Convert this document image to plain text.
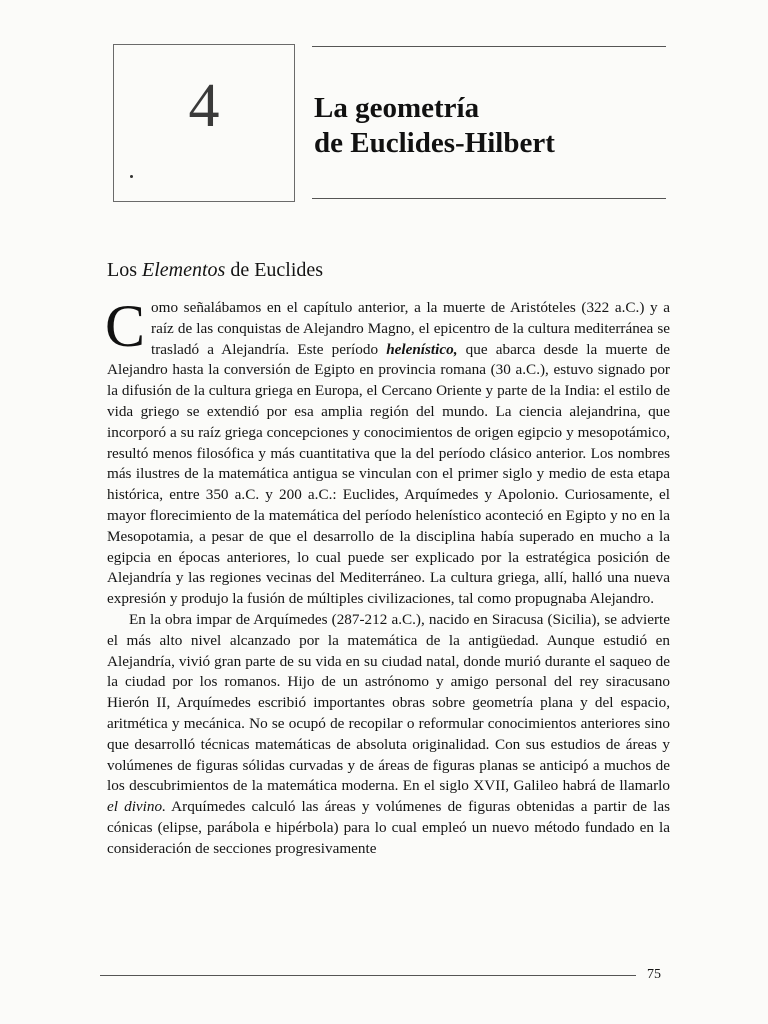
4	La geometría
de Euclides-Hilbert
Los Elementos de Euclides

Como señalábamos en el capítulo anterior, a la muerte de Aristóteles (322 a.C.) y a raíz de las conquistas de Alejandro Magno, el epicentro de la cultura mediterránea se trasladó a Alejandría. Este período helenístico, que abarca desde la muerte de Alejandro hasta la conversión de Egipto en provincia romana (30 a.C.), estuvo signado por la difusión de la cultura griega en Europa, el Cercano Oriente y parte de la India: el estilo de vida griego se extendió por esa amplia región del mundo. La ciencia alejandrina, que incorporó a su raíz griega concepciones y conocimientos de origen egipcio y mesopotámico, resultó menos filosófica y más cuantitativa que la del período clásico anterior. Los nombres más ilustres de la matemática antigua se vinculan con el primer siglo y medio de esta etapa histórica, entre 350 a.C. y 200 a.C.: Euclides, Arquímedes y Apolonio. Curiosamente, el mayor florecimiento de la matemática del período helenístico aconteció en Egipto y no en la Mesopotamia, a pesar de que el desarrollo de la disciplina había superado en mucho a la egipcia en épocas anteriores, lo cual puede ser explicado por la estratégica posición de Alejandría y las regiones vecinas del Mediterráneo. La cultura griega, allí, halló una nueva expresión y produjo la fusión de múltiples civilizaciones, tal como propugnaba Alejandro.

En la obra impar de Arquímedes (287-212 a.C.), nacido en Siracusa (Sicilia), se advierte el más alto nivel alcanzado por la matemática de la antigüedad. Aunque estudió en Alejandría, vivió gran parte de su vida en su ciudad natal, donde murió durante el saqueo de la ciudad por los romanos. Hijo de un astrónomo y amigo personal del rey siracusano Hierón II, Arquímedes escribió importantes obras sobre geometría plana y del espacio, aritmética y mecánica. No se ocupó de recopilar o reformular conocimientos anteriores sino que desarrolló técnicas matemáticas de absoluta originalidad. Con sus estudios de áreas y volúmenes de figuras sólidas curvadas y de áreas de figuras planas se anticipó a muchos de los descubrimientos de la matemática moderna. En el siglo XVII, Galileo habrá de llamarlo el divino. Arquímedes calculó las áreas y volúmenes de figuras obtenidas a partir de las cónicas (elipse, parábola e hipérbola) para lo cual empleó un nuevo método fundado en la consideración de secciones progresivamente

75
